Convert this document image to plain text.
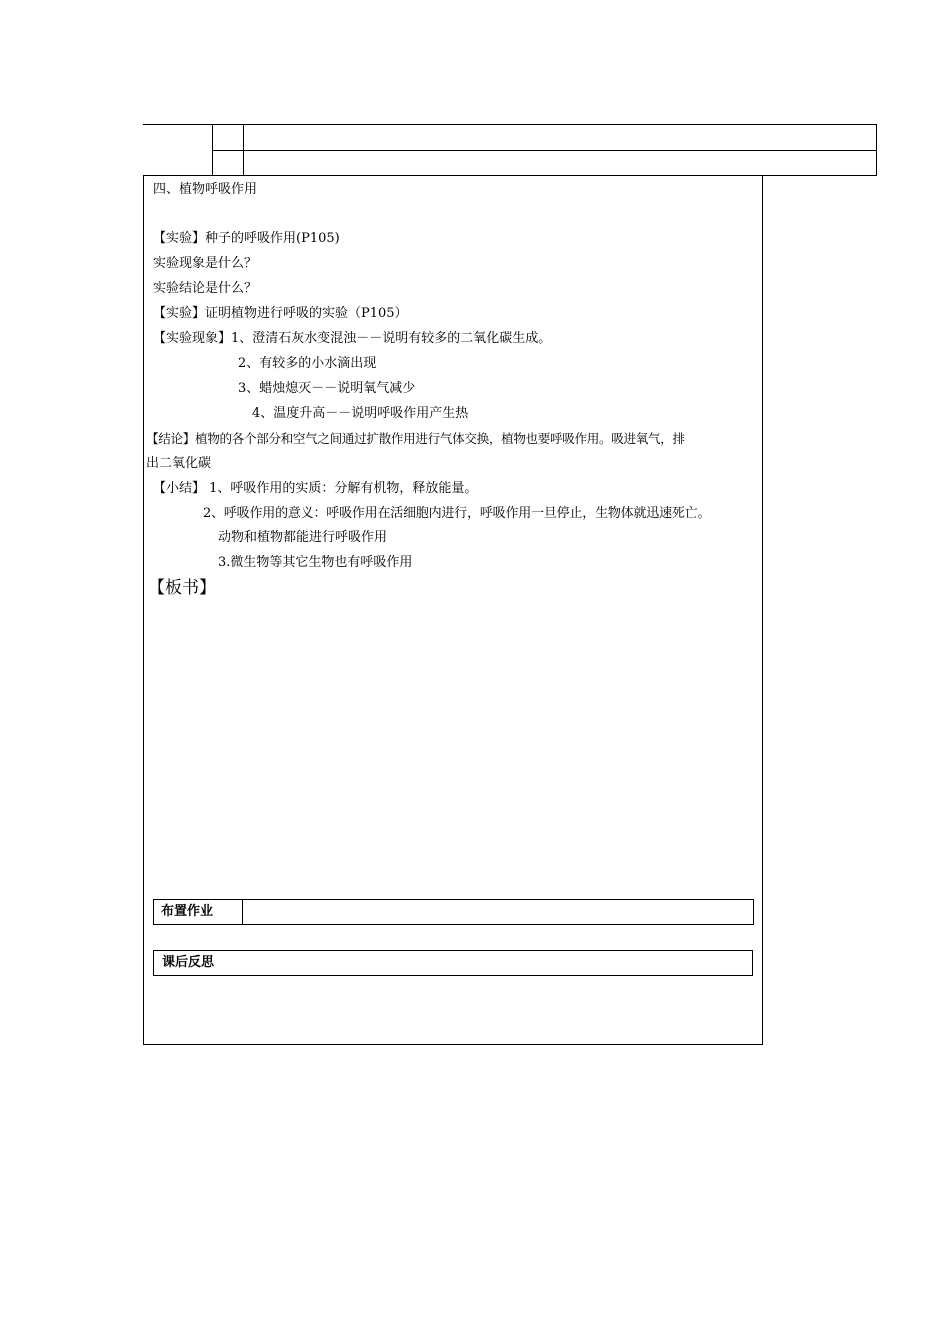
四、植物呼吸作用
【实验】种子的呼吸作用(P105)
实验现象是什么？
实验结论是什么？
【实验】证明植物进行呼吸的实验（P105）
【实验现象】1、澄清石灰水变混浊－－说明有较多的二氧化碳生成。
2、有较多的小水滴出现
3、蜡烛熄灭－－说明氧气减少
4、温度升高－－说明呼吸作用产生热
【结论】植物的各个部分和空气之间通过扩散作用进行气体交换，植物也要呼吸作用。吸进氧气，排
出二氧化碳
【小结】 1、呼吸作用的实质：分解有机物，释放能量。
2、呼吸作用的意义：呼吸作用在活细胞内进行，呼吸作用一旦停止，生物体就迅速死亡。
动物和植物都能进行呼吸作用
3.微生物等其它生物也有呼吸作用
【板书】
布置作业
课后反思
